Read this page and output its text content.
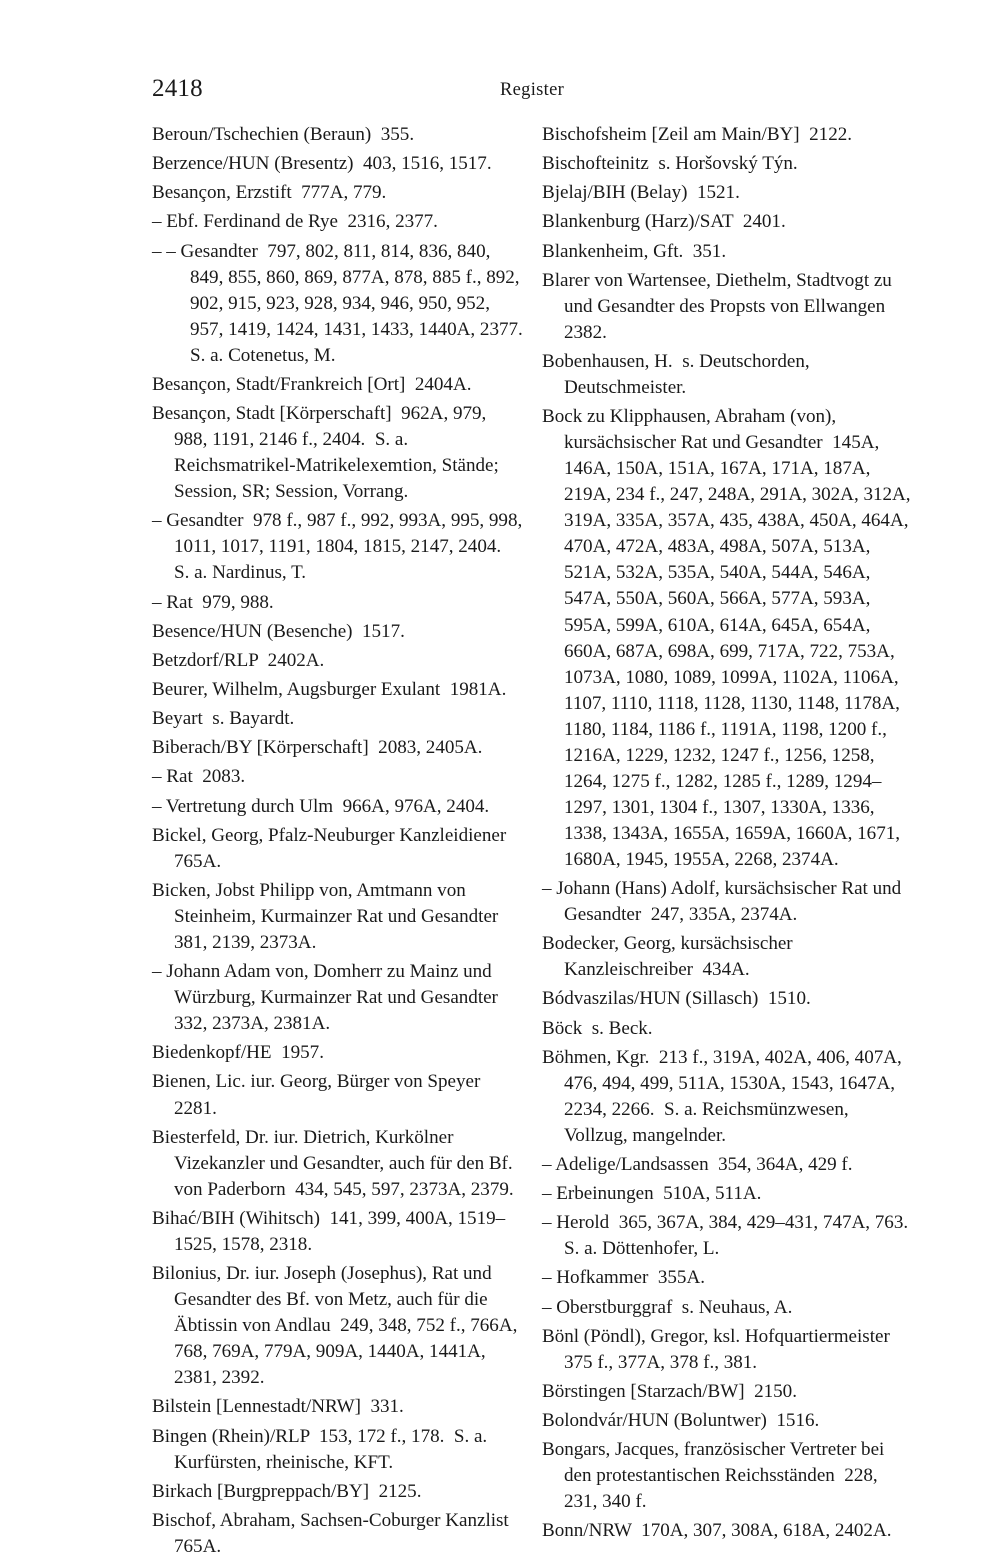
2418	Register
Beroun/Tschechien (Beraun)  355.
Berzence/HUN (Bresentz)  403, 1516, 1517.
Besançon, Erzstift  777A, 779.
– Ebf. Ferdinand de Rye  2316, 2377.
– – Gesandter  797, 802, 811, 814, 836, 840, 849, 855, 860, 869, 877A, 878, 885 f., 892, 902, 915, 923, 928, 934, 946, 950, 952, 957, 1419, 1424, 1431, 1433, 1440A, 2377.  S. a. Cotenetus, M.
Besançon, Stadt/Frankreich [Ort]  2404A.
Besançon, Stadt [Körperschaft]  962A, 979, 988, 1191, 2146 f., 2404.  S. a. Reichsmatrikel-Matrikelexemtion, Stände; Session, SR; Session, Vorrang.
– Gesandter  978 f., 987 f., 992, 993A, 995, 998, 1011, 1017, 1191, 1804, 1815, 2147, 2404.  S. a. Nardinus, T.
– Rat  979, 988.
Besence/HUN (Besenche)  1517.
Betzdorf/RLP  2402A.
Beurer, Wilhelm, Augsburger Exulant  1981A.
Beyart  s. Bayardt.
Biberach/BY [Körperschaft]  2083, 2405A.
– Rat  2083.
– Vertretung durch Ulm  966A, 976A, 2404.
Bickel, Georg, Pfalz-Neuburger Kanzleidiener  765A.
Bicken, Jobst Philipp von, Amtmann von Steinheim, Kurmainzer Rat und Gesandter  381, 2139, 2373A.
– Johann Adam von, Domherr zu Mainz und Würzburg, Kurmainzer Rat und Gesandter  332, 2373A, 2381A.
Biedenkopf/HE  1957.
Bienen, Lic. iur. Georg, Bürger von Speyer  2281.
Biesterfeld, Dr. iur. Dietrich, Kurkölner Vizekanzler und Gesandter, auch für den Bf. von Paderborn  434, 545, 597, 2373A, 2379.
Bihać/BIH (Wihitsch)  141, 399, 400A, 1519–1525, 1578, 2318.
Bilonius, Dr. iur. Joseph (Josephus), Rat und Gesandter des Bf. von Metz, auch für die Äbtissin von Andlau  249, 348, 752 f., 766A, 768, 769A, 779A, 909A, 1440A, 1441A, 2381, 2392.
Bilstein [Lennestadt/NRW]  331.
Bingen (Rhein)/RLP  153, 172 f., 178.  S. a. Kurfürsten, rheinische, KFT.
Birkach [Burgpreppach/BY]  2125.
Bischof, Abraham, Sachsen-Coburger Kanzlist  765A.
Bischofsheim [Zeil am Main/BY]  2122.
Bischofteinitz  s. Horšovský Týn.
Bjelaj/BIH (Belay)  1521.
Blankenburg (Harz)/SAT  2401.
Blankenheim, Gft.  351.
Blarer von Wartensee, Diethelm, Stadtvogt zu und Gesandter des Propsts von Ellwangen  2382.
Bobenhausen, H.  s. Deutschorden, Deutschmeister.
Bock zu Klipphausen, Abraham (von), kursächsischer Rat und Gesandter  145A, 146A, 150A, 151A, 167A, 171A, 187A, 219A, 234 f., 247, 248A, 291A, 302A, 312A, 319A, 335A, 357A, 435, 438A, 450A, 464A, 470A, 472A, 483A, 498A, 507A, 513A, 521A, 532A, 535A, 540A, 544A, 546A, 547A, 550A, 560A, 566A, 577A, 593A, 595A, 599A, 610A, 614A, 645A, 654A, 660A, 687A, 698A, 699, 717A, 722, 753A, 1073A, 1080, 1089, 1099A, 1102A, 1106A, 1107, 1110, 1118, 1128, 1130, 1148, 1178A, 1180, 1184, 1186 f., 1191A, 1198, 1200 f., 1216A, 1229, 1232, 1247 f., 1256, 1258, 1264, 1275 f., 1282, 1285 f., 1289, 1294–1297, 1301, 1304 f., 1307, 1330A, 1336, 1338, 1343A, 1655A, 1659A, 1660A, 1671, 1680A, 1945, 1955A, 2268, 2374A.
– Johann (Hans) Adolf, kursächsischer Rat und Gesandter  247, 335A, 2374A.
Bodecker, Georg, kursächsischer Kanzleischreiber  434A.
Bódvaszilas/HUN (Sillasch)  1510.
Böck  s. Beck.
Böhmen, Kgr.  213 f., 319A, 402A, 406, 407A, 476, 494, 499, 511A, 1530A, 1543, 1647A, 2234, 2266.  S. a. Reichsmünzwesen, Vollzug, mangelnder.
– Adelige/Landsassen  354, 364A, 429 f.
– Erbeinungen  510A, 511A.
– Herold  365, 367A, 384, 429–431, 747A, 763.  S. a. Döttenhofer, L.
– Hofkammer  355A.
– Oberstburggraf  s. Neuhaus, A.
Bönl (Pöndl), Gregor, ksl. Hofquartiermeister  375 f., 377A, 378 f., 381.
Börstingen [Starzach/BW]  2150.
Bolondvár/HUN (Boluntwer)  1516.
Bongars, Jacques, französischer Vertreter bei den protestantischen Reichsständen  228, 231, 340 f.
Bonn/NRW  170A, 307, 308A, 618A, 2402A.
